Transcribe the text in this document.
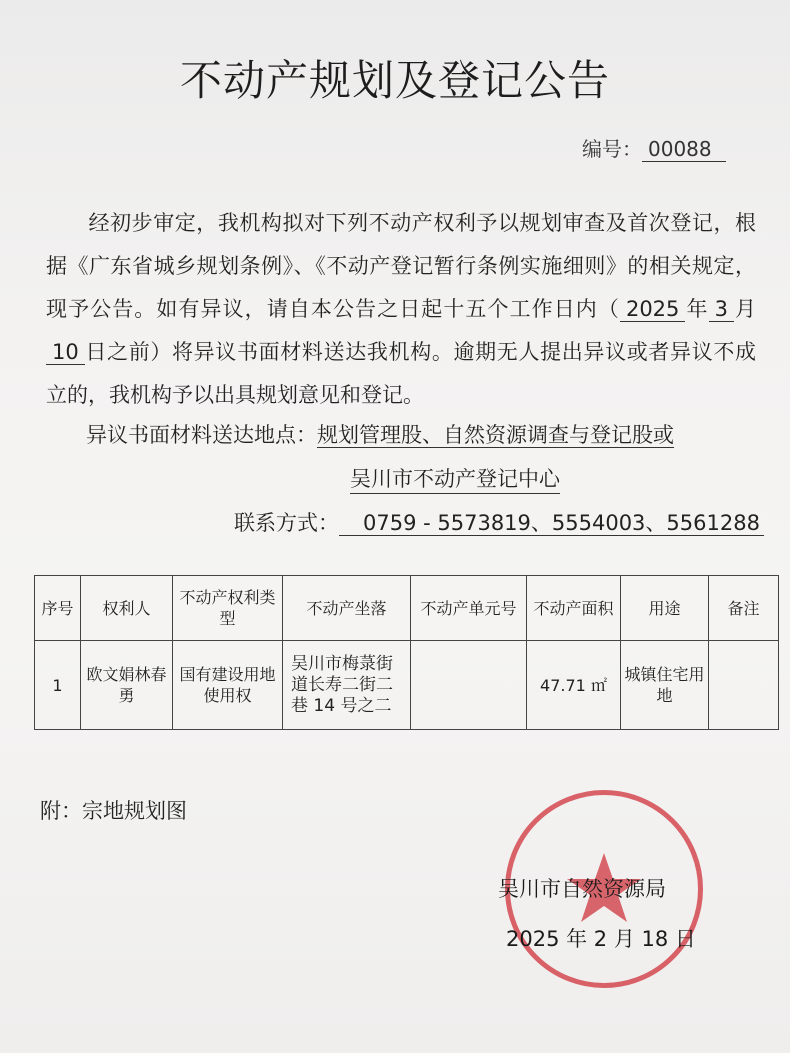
不动产规划及登记公告
编号： 00088
经初步审定，我机构拟对下列不动产权利予以规划审查及首次登记，根据《广东省城乡规划条例》、《不动产登记暂行条例实施细则》的相关规定，现予公告。如有异议，请自本公告之日起十五个工作日内（ 2025 年 3 月10 日之前）将异议书面材料送达我机构。逾期无人提出异议或者异议不成立的，我机构予以出具规划意见和登记。
异议书面材料送达地点：规划管理股、自然资源调查与登记股或
吴川市不动产登记中心
联系方式： 0759 - 5573819、5554003、5561288
序号	权利人	不动产权利类型	不动产坐落	不动产单元号	不动产面积	用途	备注
1	欧文娟林春勇	国有建设用地使用权	吴川市梅菉街道长寿二街二巷 14 号之二		47.71 ㎡	城镇住宅用地	
附：宗地规划图
吴川市自然资源局
2025 年 2 月 18 日
